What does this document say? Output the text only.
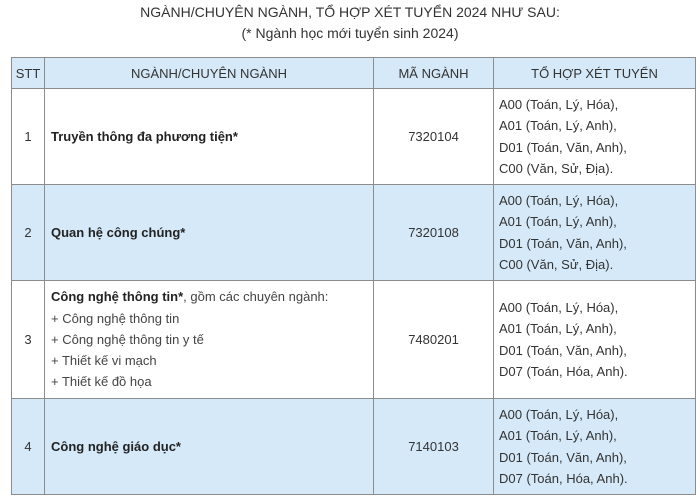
NGÀNH/CHUYÊN NGÀNH, TỔ HỢP XÉT TUYỂN 2024 NHƯ SAU:
(* Ngành học mới tuyển sinh 2024)
STT	NGÀNH/CHUYÊN NGÀNH	MÃ NGÀNH	TỔ HỢP XÉT TUYỂN
1	Truyền thông đa phương tiện*	7320104	A00 (Toán, Lý, Hóa),
A01 (Toán, Lý, Anh),
D01 (Toán, Văn, Anh),
C00 (Văn, Sử, Địa).

2	Quan hệ công chúng*	7320108	A00 (Toán, Lý, Hóa),
A01 (Toán, Lý, Anh),
D01 (Toán, Văn, Anh),
C00 (Văn, Sử, Địa).

3	Công nghệ thông tin*, gồm các chuyên ngành:
+ Công nghệ thông tin
+ Công nghệ thông tin y tế
+ Thiết kế vi mạch
+ Thiết kế đồ họa	7480201	A00 (Toán, Lý, Hóa),
A01 (Toán, Lý, Anh),
D01 (Toán, Văn, Anh),
D07 (Toán, Hóa, Anh).

4	Công nghệ giáo dục*	7140103	A00 (Toán, Lý, Hóa),
A01 (Toán, Lý, Anh),
D01 (Toán, Văn, Anh),
D07 (Toán, Hóa, Anh).
